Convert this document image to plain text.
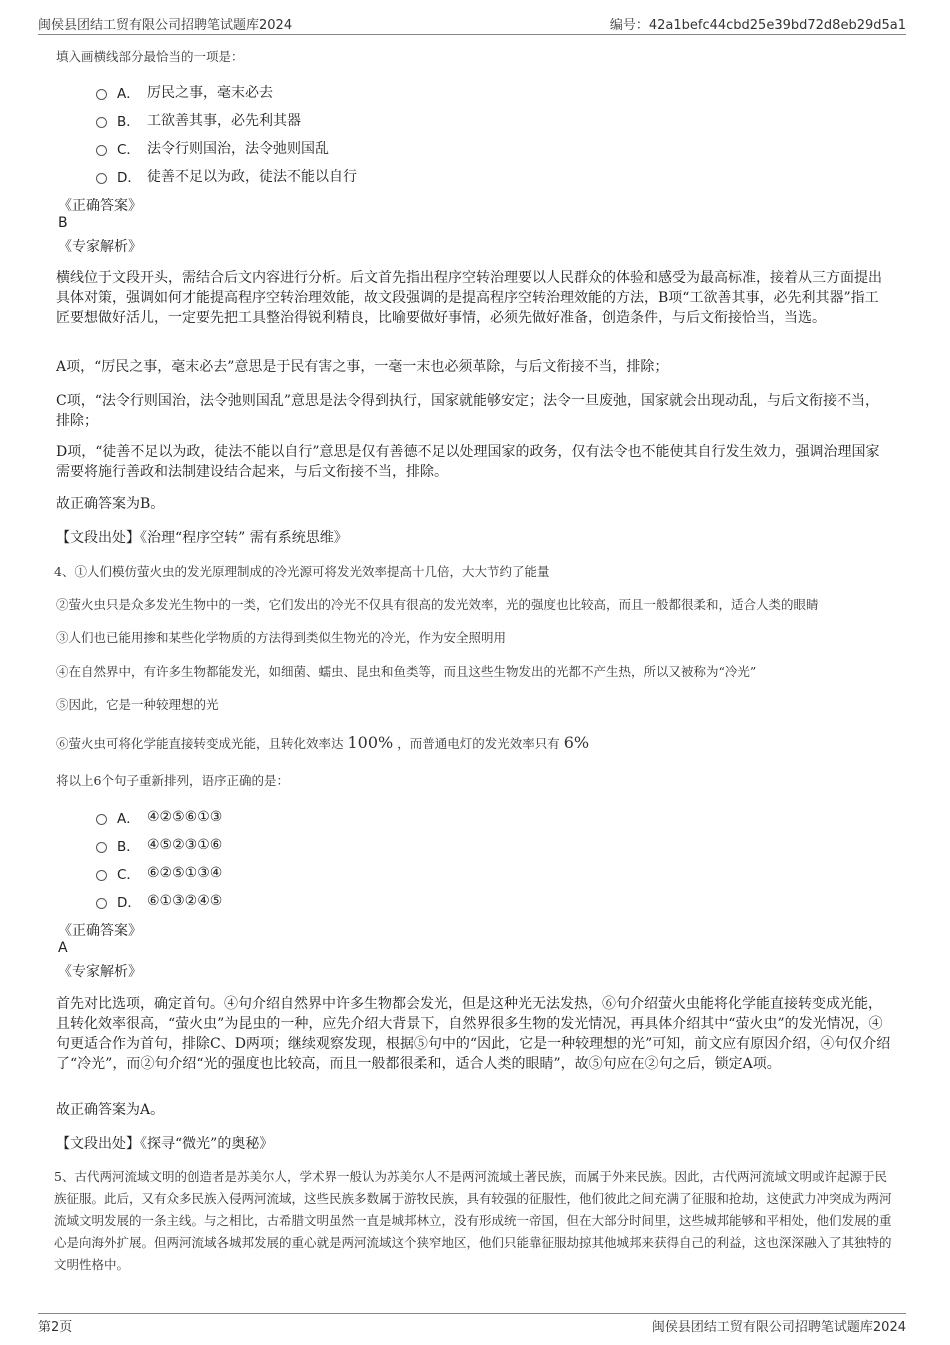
闽侯县团结工贸有限公司招聘笔试题库2024	编号：42a1befc44cbd25e39bd72d8eb29d5a1

填入画横线部分最恰当的一项是：

A． 厉民之事，毫末必去
B． 工欲善其事，必先利其器
C． 法令行则国治，法令弛则国乱
D． 徒善不足以为政，徒法不能以自行
《正确答案》
B
《专家解析》

横线位于文段开头，需结合后文内容进行分析。后文首先指出程序空转治理要以人民群众的体验和感受为最高标准，接着从三方面提出具体对策，强调如何才能提高程序空转治理效能，故文段强调的是提高程序空转治理效能的方法，B项“工欲善其事，必先利其器”指工匠要想做好活儿，一定要先把工具整治得锐利精良，比喻要做好事情，必须先做好准备，创造条件，与后文衔接恰当，当选。

A项，“厉民之事，毫末必去”意思是于民有害之事，一毫一末也必须革除，与后文衔接不当，排除；

C项，“法令行则国治，法令弛则国乱”意思是法令得到执行，国家就能够安定；法令一旦废弛，国家就会出现动乱，与后文衔接不当，排除；

D项，“徒善不足以为政，徒法不能以自行”意思是仅有善德不足以处理国家的政务，仅有法令也不能使其自行发生效力，强调治理国家需要将施行善政和法制建设结合起来，与后文衔接不当，排除。

故正确答案为B。

【文段出处】《治理“程序空转” 需有系统思维》

4、①人们模仿萤火虫的发光原理制成的冷光源可将发光效率提高十几倍，大大节约了能量

②萤火虫只是众多发光生物中的一类，它们发出的冷光不仅具有很高的发光效率，光的强度也比较高，而且一般都很柔和，适合人类的眼睛

③人们也已能用掺和某些化学物质的方法得到类似生物光的冷光，作为安全照明用

④在自然界中，有许多生物都能发光，如细菌、蠕虫、昆虫和鱼类等，而且这些生物发出的光都不产生热，所以又被称为“冷光”

⑤因此，它是一种较理想的光

⑥萤火虫可将化学能直接转变成光能，且转化效率达 100% ，而普通电灯的发光效率只有 6%

将以上6个句子重新排列，语序正确的是：

A． ④②⑤⑥①③
B． ④⑤②③①⑥
C． ⑥②⑤①③④
D． ⑥①③②④⑤
《正确答案》
A
《专家解析》

首先对比选项，确定首句。④句介绍自然界中许多生物都会发光，但是这种光无法发热，⑥句介绍萤火虫能将化学能直接转变成光能，且转化效率很高，“萤火虫”为昆虫的一种，应先介绍大背景下，自然界很多生物的发光情况，再具体介绍其中“萤火虫”的发光情况，④句更适合作为首句，排除C、D两项；继续观察发现，根据⑤句中的“因此，它是一种较理想的光”可知，前文应有原因介绍，④句仅介绍了“冷光”，而②句介绍“光的强度也比较高，而且一般都很柔和，适合人类的眼睛”，故⑤句应在②句之后，锁定A项。

故正确答案为A。

【文段出处】《探寻“微光”的奥秘》

5、古代两河流域文明的创造者是苏美尔人，学术界一般认为苏美尔人不是两河流域土著民族，而属于外来民族。因此，古代两河流域文明或许起源于民族征服。此后，又有众多民族入侵两河流域，这些民族多数属于游牧民族，具有较强的征服性，他们彼此之间充满了征服和抢劫，这使武力冲突成为两河流域文明发展的一条主线。与之相比，古希腊文明虽然一直是城邦林立，没有形成统一帝国，但在大部分时间里，这些城邦能够和平相处，他们发展的重心是向海外扩展。但两河流域各城邦发展的重心就是两河流域这个狭窄地区，他们只能靠征服劫掠其他城邦来获得自己的利益，这也深深融入了其独特的文明性格中。

第2页	闽侯县团结工贸有限公司招聘笔试题库2024
